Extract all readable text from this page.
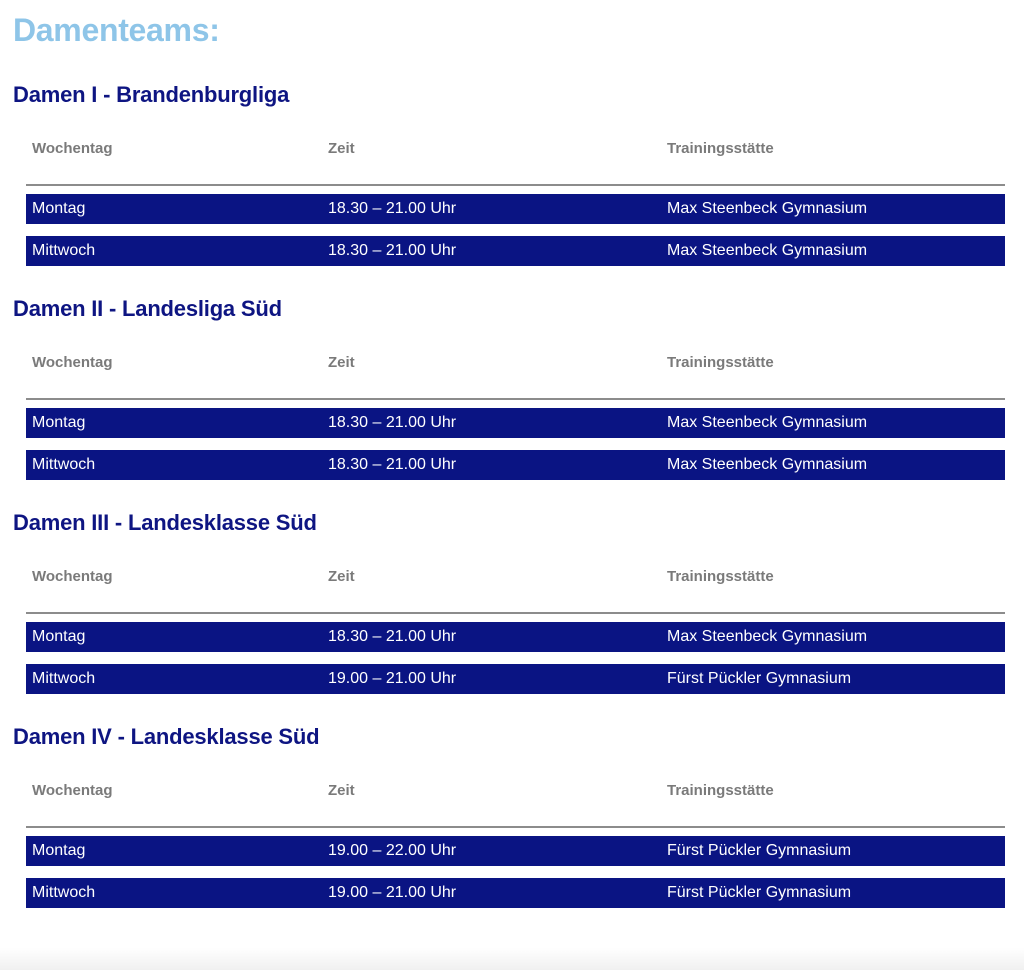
Damenteams:
Damen I - Brandenburgliga
Wochentag	Zeit	Trainingsstätte
Montag	18.30 – 21.00 Uhr	Max Steenbeck Gymnasium
Mittwoch	18.30 – 21.00 Uhr	Max Steenbeck Gymnasium
Damen II - Landesliga Süd
Wochentag	Zeit	Trainingsstätte
Montag	18.30 – 21.00 Uhr	Max Steenbeck Gymnasium
Mittwoch	18.30 – 21.00 Uhr	Max Steenbeck Gymnasium
Damen III - Landesklasse Süd
Wochentag	Zeit	Trainingsstätte
Montag	18.30 – 21.00 Uhr	Max Steenbeck Gymnasium
Mittwoch	19.00 – 21.00 Uhr	Fürst Pückler Gymnasium
Damen IV - Landesklasse Süd
Wochentag	Zeit	Trainingsstätte
Montag	19.00 – 22.00 Uhr	Fürst Pückler Gymnasium
Mittwoch	19.00 – 21.00 Uhr	Fürst Pückler Gymnasium
